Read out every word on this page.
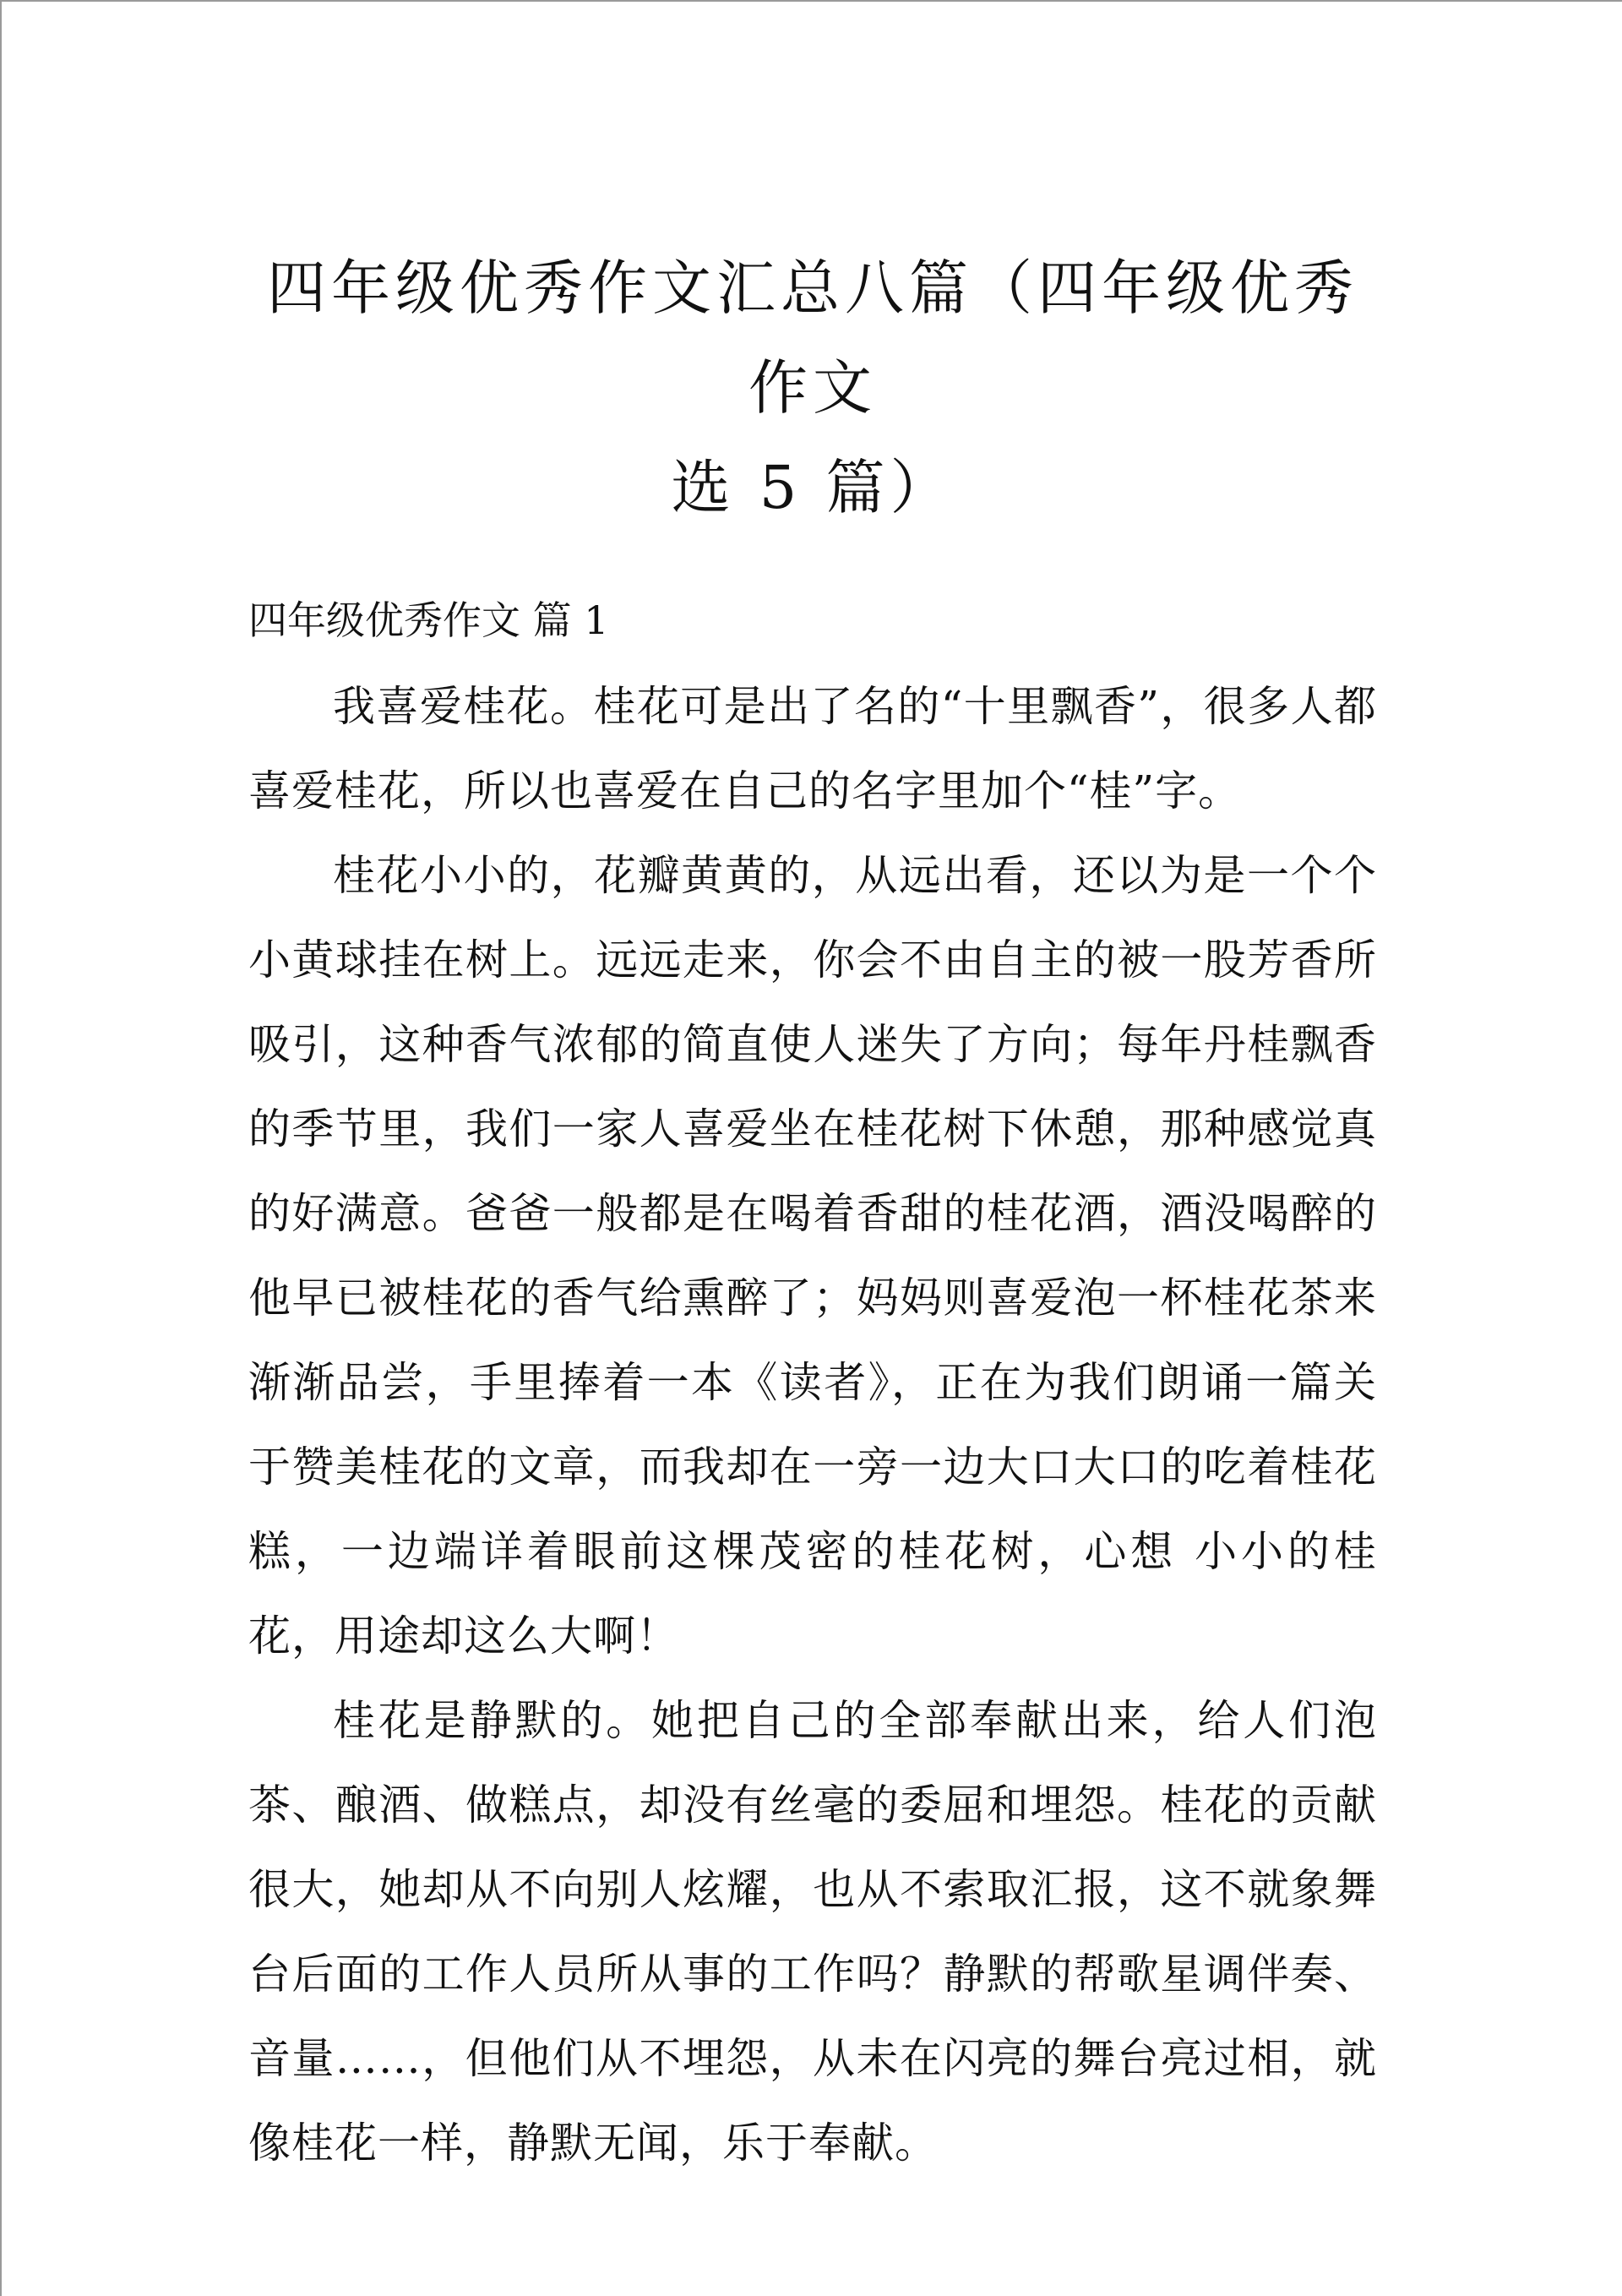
四年级优秀作文汇总八篇（四年级优秀作文
选 5 篇）
四年级优秀作文 篇 1

我喜爱桂花。桂花可是出了名的“十里飘香”，很多人都喜爱桂花，所以也喜爱在自己的名字里加个“桂”字。

桂花小小的，花瓣黄黄的，从远出看，还以为是一个个小黄球挂在树上。远远走来，你会不由自主的被一股芳香所吸引，这种香气浓郁的简直使人迷失了方向；每年丹桂飘香的季节里，我们一家人喜爱坐在桂花树下休憩，那种感觉真的好满意。爸爸一般都是在喝着香甜的桂花酒，酒没喝醉的他早已被桂花的香气给熏醉了；妈妈则喜爱泡一杯桂花茶来渐渐品尝，手里捧着一本《读者》，正在为我们朗诵一篇关于赞美桂花的文章，而我却在一旁一边大口大口的吃着桂花糕，一边端详着眼前这棵茂密的桂花树，心想 小小的桂花，用途却这么大啊！

桂花是静默的。她把自己的全部奉献出来，给人们泡茶、酿酒、做糕点，却没有丝毫的委屈和埋怨。桂花的贡献很大，她却从不向别人炫耀，也从不索取汇报，这不就象舞台后面的工作人员所从事的工作吗？静默的帮歌星调伴奏、音量……，但他们从不埋怨，从未在闪亮的舞台亮过相，就像桂花一样，静默无闻，乐于奉献。
